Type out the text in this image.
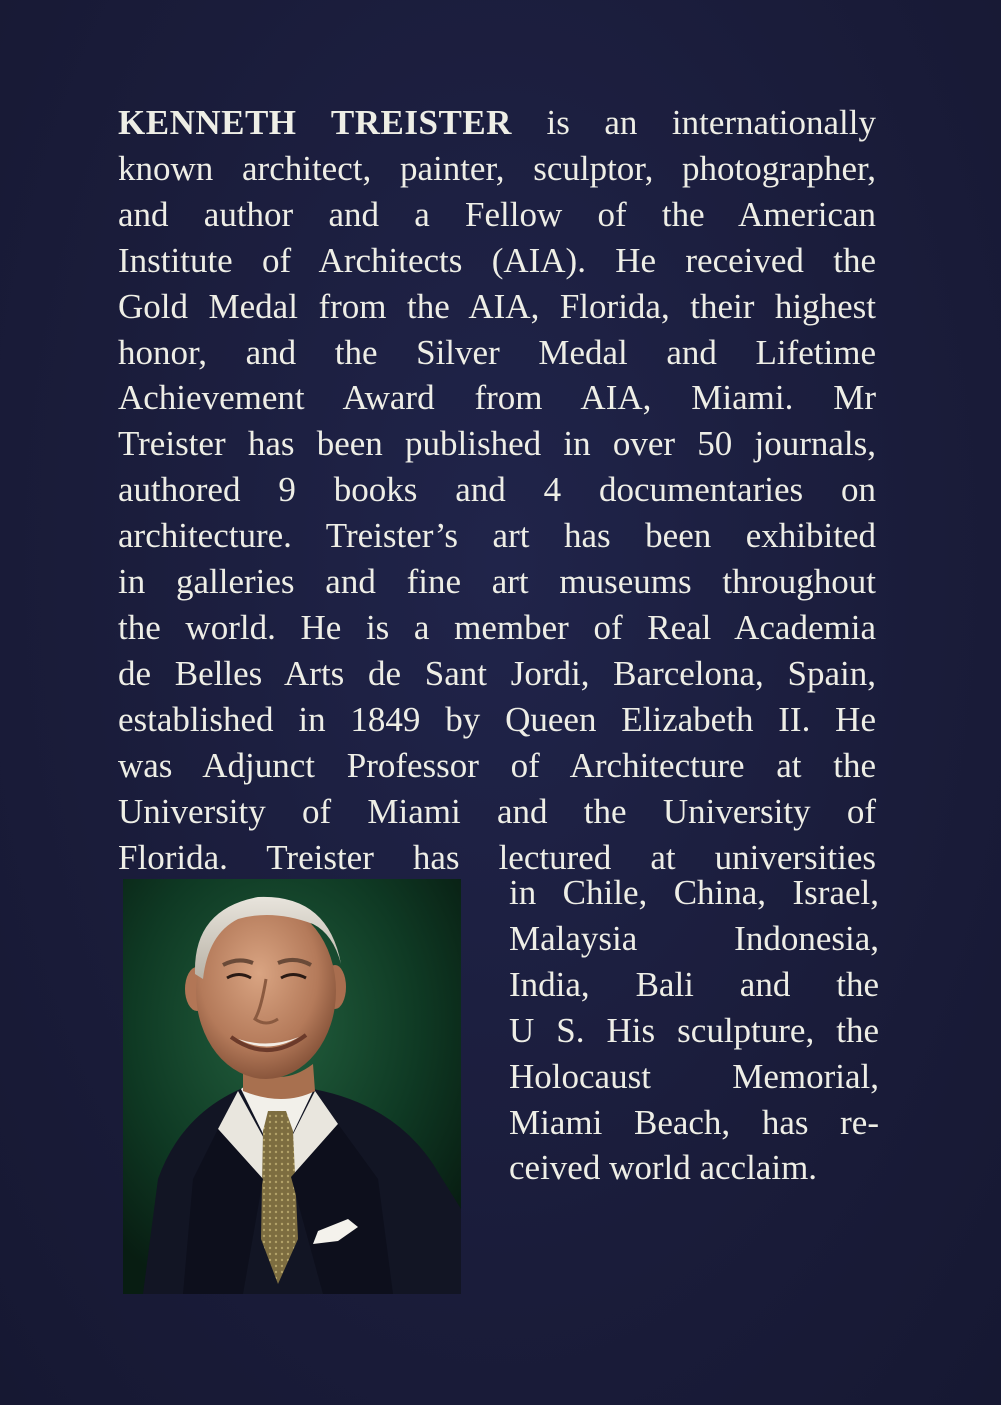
KENNETH TREISTER is an internationally
known architect, painter, sculptor, photographer,
and author and a Fellow of the American
Institute of Architects (AIA). He received the
Gold Medal from the AIA, Florida, their highest
honor, and the Silver Medal and Lifetime
Achievement Award from AIA, Miami. Mr
Treister has been published in over 50 journals,
authored 9 books and 4 documentaries on
architecture. Treister’s art has been exhibited
in galleries and fine art museums throughout
the world. He is a member of Real Academia
de Belles Arts de Sant Jordi, Barcelona, Spain,
established in 1849 by Queen Elizabeth II. He
was Adjunct Professor of Architecture at the
University of Miami and the University of
Florida. Treister has lectured at universities
in Chile, China, Israel,
Malaysia Indonesia,
India, Bali and the
U S. His sculpture, the
Holocaust Memorial,
Miami Beach, has re-
ceived world acclaim.
